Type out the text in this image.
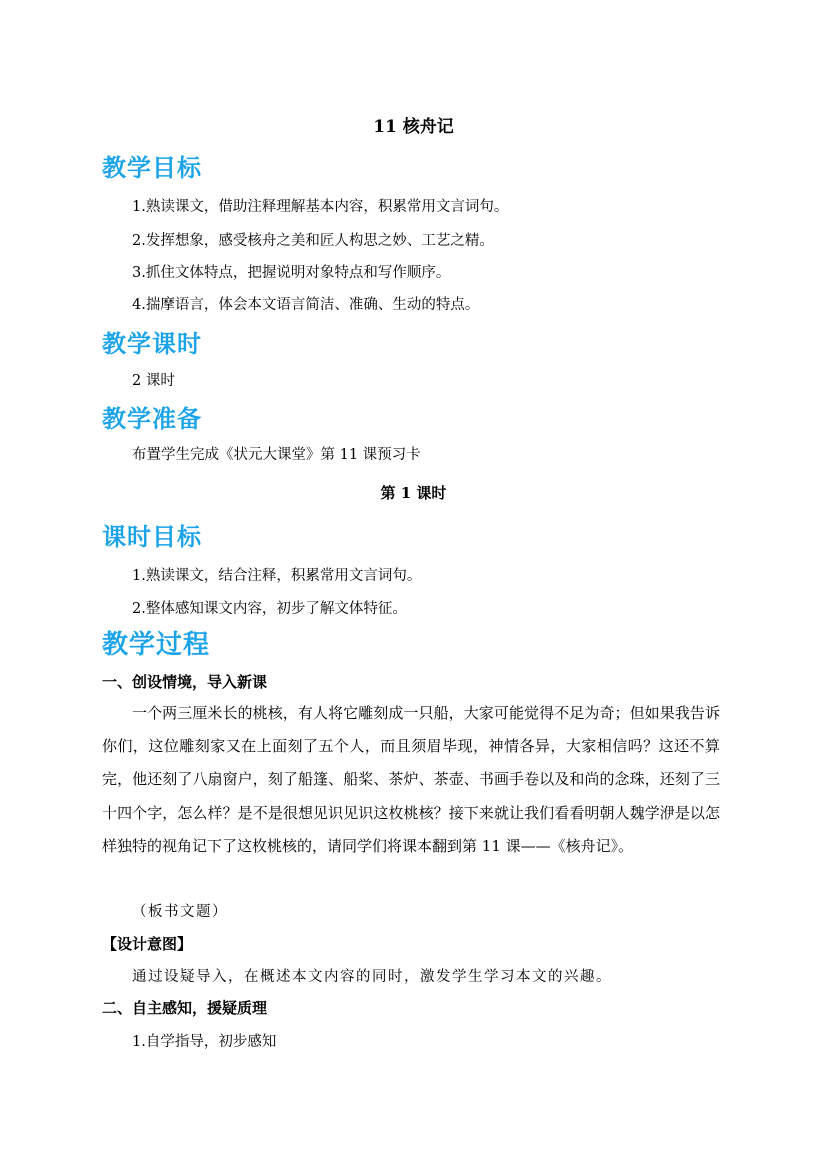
11 核舟记
教学目标
1.熟读课文，借助注释理解基本内容，积累常用文言词句。
2.发挥想象，感受核舟之美和匠人构思之妙、工艺之精。
3.抓住文体特点，把握说明对象特点和写作顺序。
4.揣摩语言，体会本文语言简洁、准确、生动的特点。
教学课时
2 课时
教学准备
布置学生完成《状元大课堂》第 11 课预习卡
第 1 课时
课时目标
1.熟读课文，结合注释，积累常用文言词句。
2.整体感知课文内容，初步了解文体特征。
教学过程
一、创设情境，导入新课
一个两三厘米长的桃核，有人将它雕刻成一只船，大家可能觉得不足为奇；但如果我告诉你们，这位雕刻家又在上面刻了五个人，而且须眉毕现，神情各异，大家相信吗？这还不算完，他还刻了八扇窗户，刻了船篷、船桨、茶炉、茶壶、书画手卷以及和尚的念珠，还刻了三十四个字，怎么样？是不是很想见识见识这枚桃核？接下来就让我们看看明朝人魏学洢是以怎样独特的视角记下了这枚桃核的，请同学们将课本翻到第 11 课——《核舟记》。
（板书文题）
【设计意图】
通过设疑导入，在概述本文内容的同时，激发学生学习本文的兴趣。
二、自主感知，援疑质理
1.自学指导，初步感知
